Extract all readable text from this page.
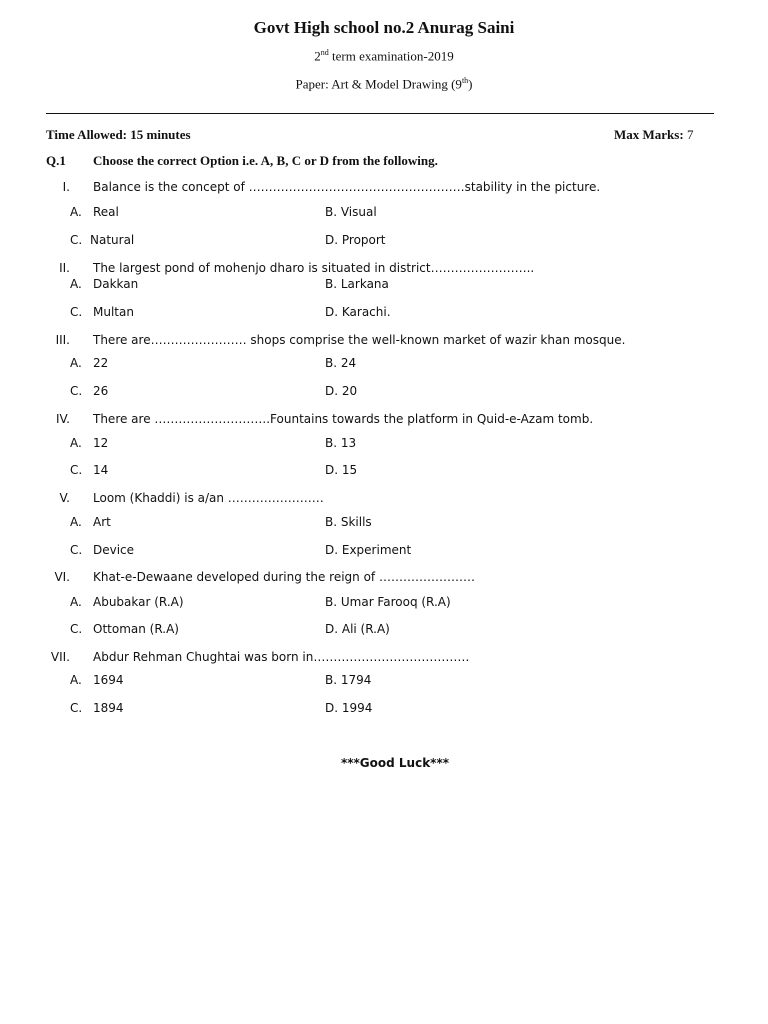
Govt High school no.2 Anurag Saini
2nd term examination-2019
Paper: Art & Model Drawing (9th)
Time Allowed: 15 minutes	Max Marks: 7
Q.1 Choose the correct Option i.e. A, B, C or D from the following.
I. Balance is the concept of ………………………………………………stability in the picture.
A. Real	B. Visual
C. Natural	D. Proport
II. The largest pond of mohenjo dharo is situated in district……………………..
A. Dakkan	B. Larkana
C. Multan	D. Karachi.
III. There are…………………… shops comprise the well-known market of wazir khan mosque.
A. 22	B. 24
C. 26	D. 20
IV. There are ………………………..Fountains towards the platform in Quid-e-Azam tomb.
A. 12	B. 13
C. 14	D. 15
V. Loom (Khaddi) is a/an ……………………
A. Art	B. Skills
C. Device	D. Experiment
VI. Khat-e-Dewaane developed during the reign of ……………………
A. Abubakar (R.A)	B. Umar Farooq (R.A)
C. Ottoman (R.A)	D. Ali (R.A)
VII. Abdur Rehman Chughtai was born in…………………………………
A. 1694	B. 1794
C. 1894	D. 1994
***Good Luck***
